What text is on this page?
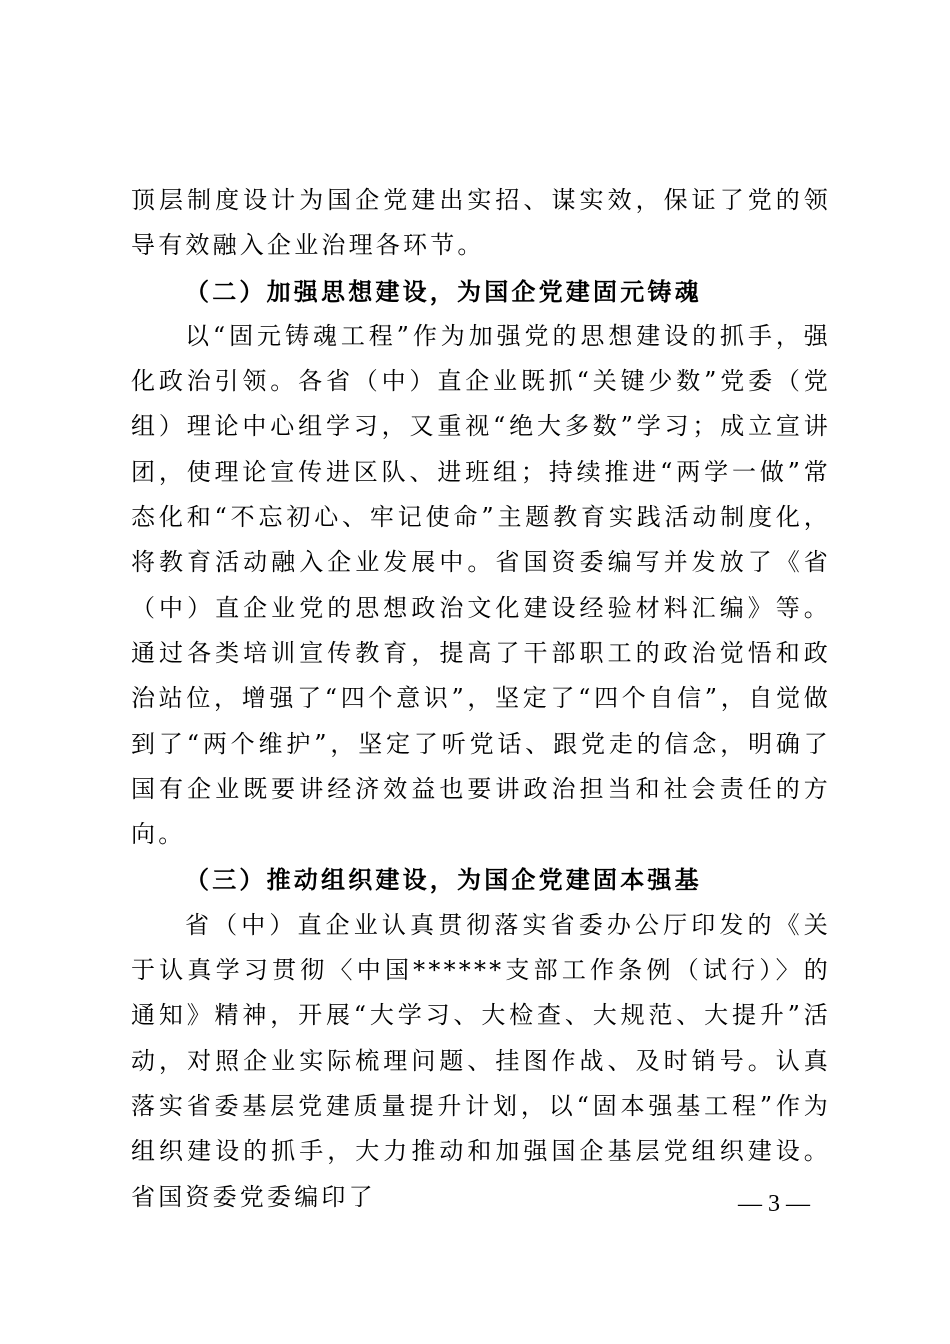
顶层制度设计为国企党建出实招、谋实效，保证了党的领导有效融入企业治理各环节。

（二）加强思想建设，为国企党建固元铸魂

以“固元铸魂工程”作为加强党的思想建设的抓手，强化政治引领。各省（中）直企业既抓“关键少数”党委（党组）理论中心组学习，又重视“绝大多数”学习；成立宣讲团，使理论宣传进区队、进班组；持续推进“两学一做”常态化和“不忘初心、牢记使命”主题教育实践活动制度化，将教育活动融入企业发展中。省国资委编写并发放了《省（中）直企业党的思想政治文化建设经验材料汇编》等。通过各类培训宣传教育，提高了干部职工的政治觉悟和政治站位，增强了“四个意识”，坚定了“四个自信”，自觉做到了“两个维护”，坚定了听党话、跟党走的信念，明确了国有企业既要讲经济效益也要讲政治担当和社会责任的方向。

（三）推动组织建设，为国企党建固本强基

省（中）直企业认真贯彻落实省委办公厅印发的《关于认真学习贯彻〈中国******支部工作条例（试行）〉的通知》精神，开展“大学习、大检查、大规范、大提升”活动，对照企业实际梳理问题、挂图作战、及时销号。认真落实省委基层党建质量提升计划，以“固本强基工程”作为组织建设的抓手，大力推动和加强国企基层党组织建设。省国资委党委编印了	— 3 —
